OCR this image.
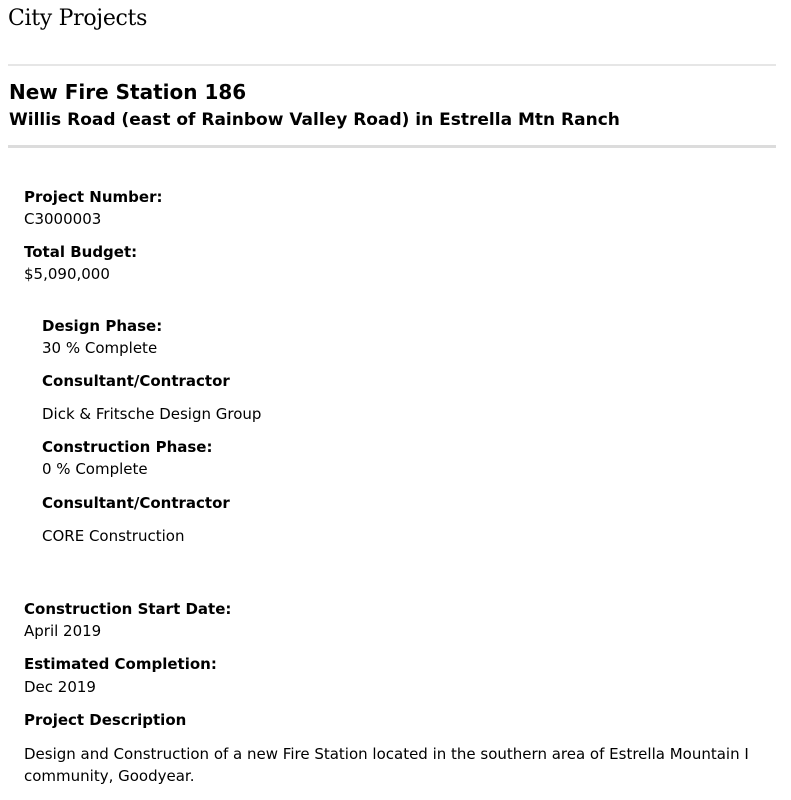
City Projects
New Fire Station 186
Willis Road (east of Rainbow Valley Road) in Estrella Mtn Ranch
Project Number:
C3000003
Total Budget:
$5,090,000
Design Phase:
30 % Complete
Consultant/Contractor
Dick & Fritsche Design Group
Construction Phase:
0 % Complete
Consultant/Contractor
CORE Construction
Construction Start Date:
April 2019
Estimated Completion:
Dec 2019
Project Description
Design and Construction of a new Fire Station located in the southern area of Estrella Mountain I
community, Goodyear.
